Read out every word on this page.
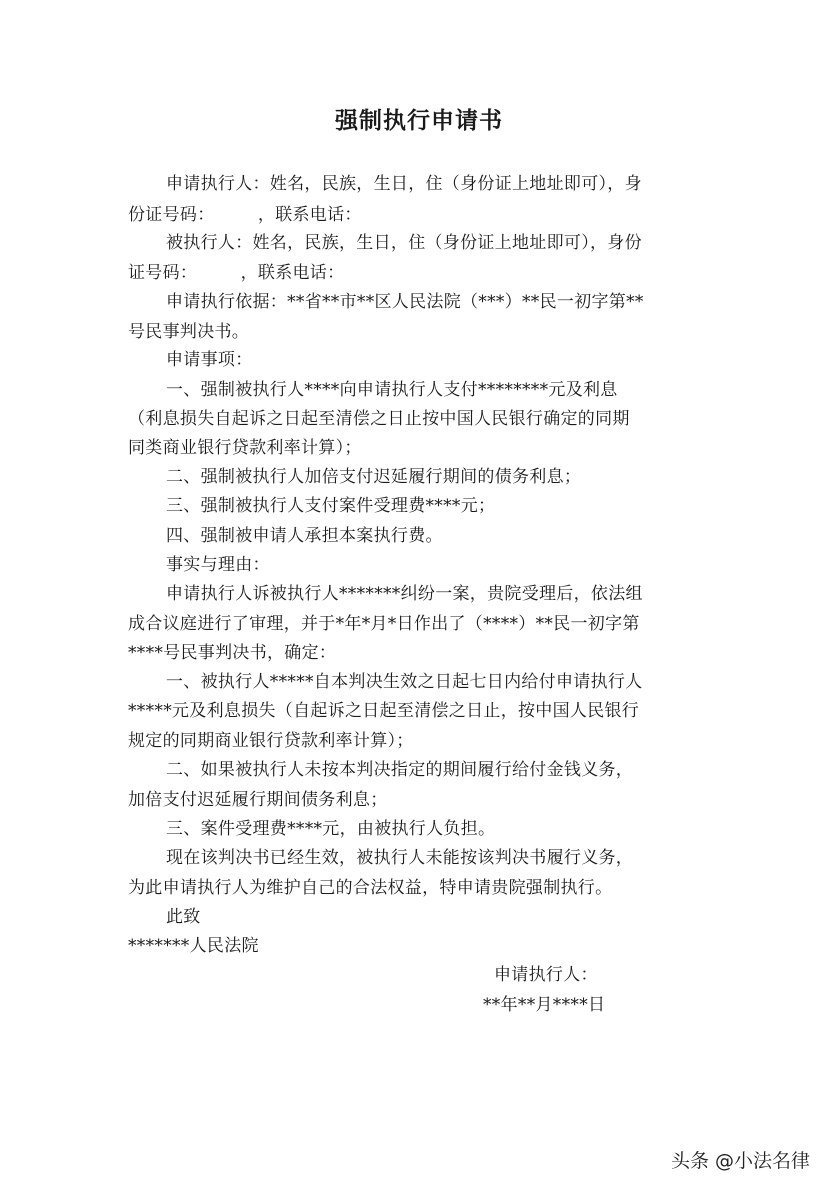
强制执行申请书
申请执行人：姓名，民族，生日，住（身份证上地址即可），身
份证号码：　　　，联系电话：
被执行人：姓名，民族，生日，住（身份证上地址即可），身份
证号码：　　　，联系电话：
申请执行依据：**省**市**区人民法院（***）**民一初字第**
号民事判决书。
申请事项：
一、强制被执行人****向申请执行人支付********元及利息
（利息损失自起诉之日起至清偿之日止按中国人民银行确定的同期
同类商业银行贷款利率计算）；
二、强制被执行人加倍支付迟延履行期间的债务利息；
三、强制被执行人支付案件受理费****元；
四、强制被申请人承担本案执行费。
事实与理由：
申请执行人诉被执行人*******纠纷一案，贵院受理后，依法组
成合议庭进行了审理，并于*年*月*日作出了（****）**民一初字第
****号民事判决书，确定：
一、被执行人*****自本判决生效之日起七日内给付申请执行人
*****元及利息损失（自起诉之日起至清偿之日止，按中国人民银行
规定的同期商业银行贷款利率计算）；
二、如果被执行人未按本判决指定的期间履行给付金钱义务，
加倍支付迟延履行期间债务利息；
三、案件受理费****元，由被执行人负担。
现在该判决书已经生效，被执行人未能按该判决书履行义务，
为此申请执行人为维护自己的合法权益，特申请贵院强制执行。
此致
*******人民法院
申请执行人：
**年**月****日
头条 @小法名律
